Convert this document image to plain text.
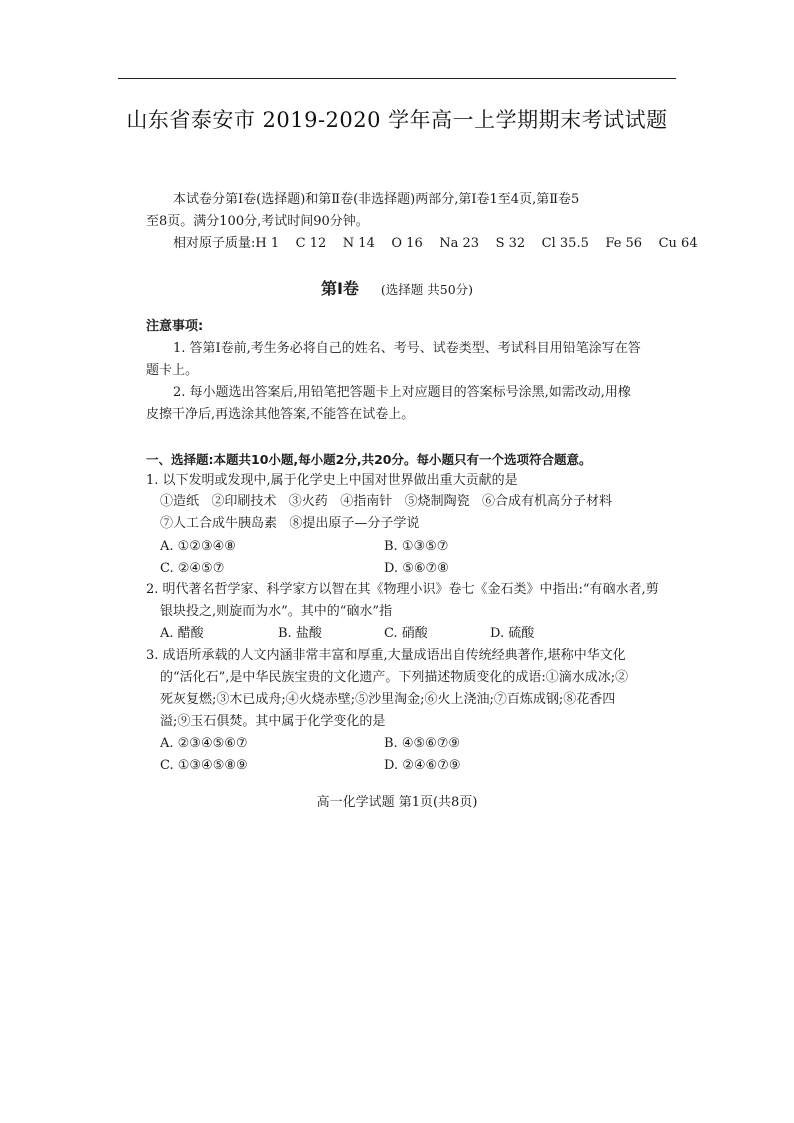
山东省泰安市 2019-2020 学年高一上学期期末考试试题
本试卷分第Ⅰ卷(选择题)和第Ⅱ卷(非选择题)两部分,第Ⅰ卷1至4页,第Ⅱ卷5
至8页。满分100分,考试时间90分钟。
相对原子质量:H 1    C 12    N 14    O 16    Na 23    S 32    Cl 35.5    Fe 56    Cu 64
第Ⅰ卷 (选择题 共50分)
注意事项:
1. 答第Ⅰ卷前,考生务必将自己的姓名、考号、试卷类型、考试科目用铅笔涂写在答
题卡上。
2. 每小题选出答案后,用铅笔把答题卡上对应题目的答案标号涂黑,如需改动,用橡
皮擦干净后,再选涂其他答案,不能答在试卷上。
一、选择题:本题共10小题,每小题2分,共20分。每小题只有一个选项符合题意。
1. 以下发明或发现中,属于化学史上中国对世界做出重大贡献的是
①造纸   ②印刷技术   ③火药   ④指南针   ⑤烧制陶瓷   ⑥合成有机高分子材料
⑦人工合成牛胰岛素   ⑧提出原子—分子学说
A. ①②③④⑧	B. ①③⑤⑦
C. ②④⑤⑦	D. ⑤⑥⑦⑧
2. 明代著名哲学家、科学家方以智在其《物理小识》卷七《金石类》中指出:“有硇水者,剪
银块投之,则旋而为水”。其中的“硇水”指
A. 醋酸	B. 盐酸	C. 硝酸	D. 硫酸
3. 成语所承载的人文内涵非常丰富和厚重,大量成语出自传统经典著作,堪称中华文化
的“活化石”,是中华民族宝贵的文化遗产。下列描述物质变化的成语:①滴水成冰;②
死灰复燃;③木已成舟;④火烧赤壁;⑤沙里淘金;⑥火上浇油;⑦百炼成钢;⑧花香四
溢;⑨玉石俱焚。其中属于化学变化的是
A. ②③④⑤⑥⑦	B. ④⑤⑥⑦⑨
C. ①③④⑤⑧⑨	D. ②④⑥⑦⑨
高一化学试题 第1页(共8页)
